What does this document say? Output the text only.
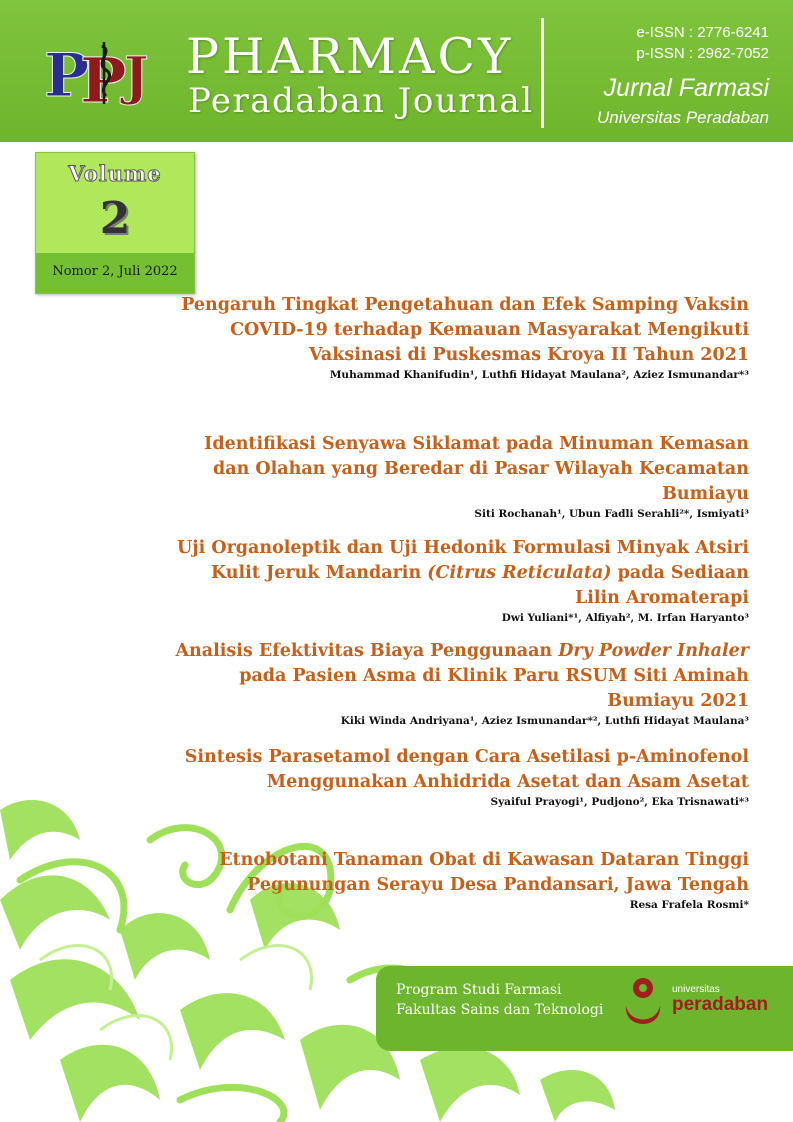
P
P
J PHARMACY
Peradaban Journal
e-ISSN : 2776-6241
p-ISSN : 2962-7052
Jurnal Farmasi
Universitas Peradaban
Volume
2
Nomor 2, Juli 2022
Pengaruh Tingkat Pengetahuan dan Efek Samping Vaksin COVID-19 terhadap Kemauan Masyarakat Mengikuti Vaksinasi di Puskesmas Kroya II Tahun 2021
Muhammad Khanifudin¹, Luthfi Hidayat Maulana², Aziez Ismunandar*³
Identifikasi Senyawa Siklamat pada Minuman Kemasan dan Olahan yang Beredar di Pasar Wilayah Kecamatan Bumiayu
Siti Rochanah¹, Ubun Fadli Serahli²*, Ismiyati³
Uji Organoleptik dan Uji Hedonik Formulasi Minyak Atsiri Kulit Jeruk Mandarin (Citrus Reticulata) pada Sediaan Lilin Aromaterapi
Dwi Yuliani*¹, Alfiyah², M. Irfan Haryanto³
Analisis Efektivitas Biaya Penggunaan Dry Powder Inhaler pada Pasien Asma di Klinik Paru RSUM Siti Aminah Bumiayu 2021
Kiki Winda Andriyana¹, Aziez Ismunandar*², Luthfi Hidayat Maulana³
Sintesis Parasetamol dengan Cara Asetilasi p-Aminofenol Menggunakan Anhidrida Asetat dan Asam Asetat
Syaiful Prayogi¹, Pudjono², Eka Trisnawati*³
Etnobotani Tanaman Obat di Kawasan Dataran Tinggi Pegunungan Serayu Desa Pandansari, Jawa Tengah
Resa Frafela Rosmi*
Program Studi Farmasi
Fakultas Sains dan Teknologi
universitas
peradaban
